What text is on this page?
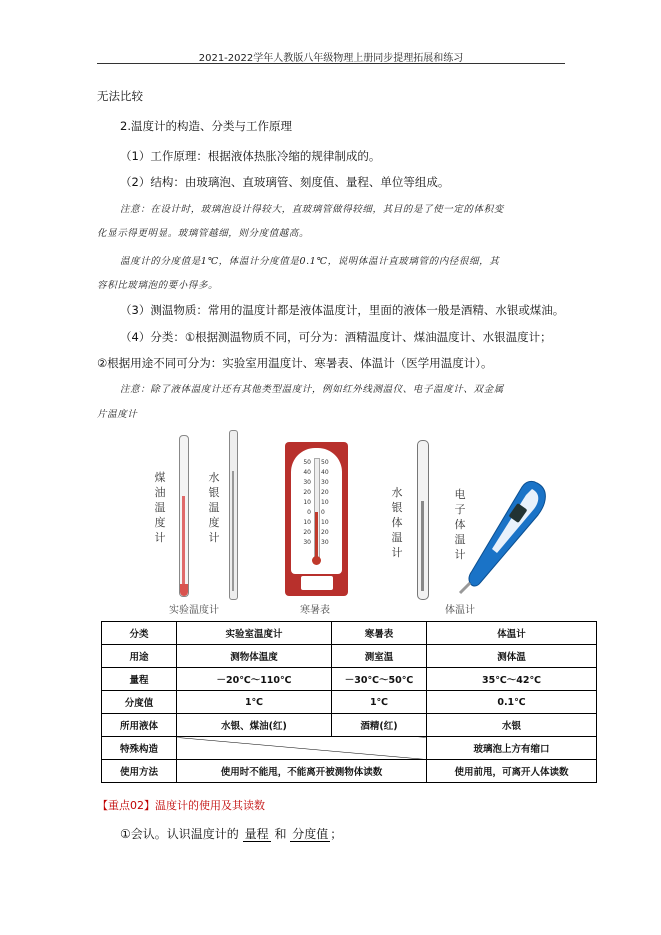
2021-2022学年人教版八年级物理上册同步提理拓展和练习
无法比较
2.温度计的构造、分类与工作原理
（1）工作原理：根据液体热胀冷缩的规律制成的。
（2）结构：由玻璃泡、直玻璃管、刻度值、量程、单位等组成。
注意：在设计时，玻璃泡设计得较大，直玻璃管做得较细，其目的是了使一定的体积变
化显示得更明显。玻璃管越细，则分度值越高。
温度计的分度值是1℃，体温计分度值是0.1℃，说明体温计直玻璃管的内径很细，其
容积比玻璃泡的要小得多。
（3）测温物质：常用的温度计都是液体温度计，里面的液体一般是酒精、水银或煤油。
（4）分类：①根据测温物质不同，可分为：酒精温度计、煤油温度计、水银温度计；
②根据用途不同可分为：实验室用温度计、寒暑表、体温计（医学用温度计）。
注意：除了液体温度计还有其他类型温度计，例如红外线测温仪、电子温度计、双金属
片温度计
煤油温度计
水银温度计
实验温度计
50
40
30
20
10
0
10
20
30
50
40
30
20
10
0
10
20
30
寒暑表
水银体温计
电子体温计
体温计
分类	实验室温度计	寒暑表	体温计
用途	测物体温度	测室温	测体温
量程	－20℃～110℃	－30℃～50℃	35℃～42℃
分度值	1℃	1℃	0.1℃
所用液体	水银、煤油(红)	酒精(红)	水银
特殊构造			玻璃泡上方有缩口
使用方法	使用时不能甩，不能离开被测物体读数		使用前甩，可离开人体读数
【重点02】温度计的使用及其读数
①会认。认识温度计的 量程 和 分度值 ；
